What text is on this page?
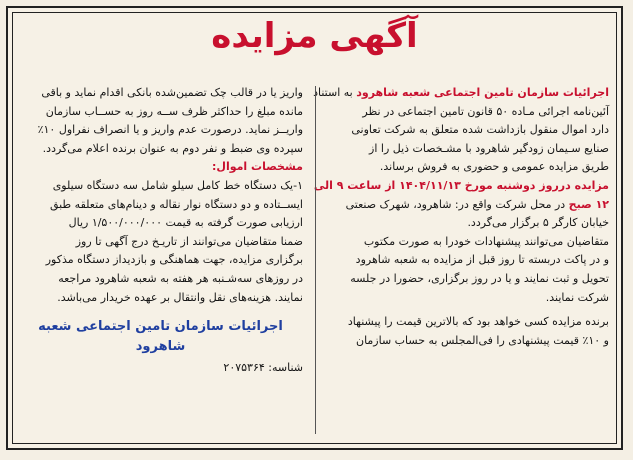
آگهی مزایده
اجرائیات سازمان تامین اجتماعی شعبه شاهرود به استناد
آئین‌نامه اجرائی مـاده ۵۰ قانون تامین اجتماعی در نظر
دارد اموال منقول بازداشت شده متعلق به شرکت تعاونی
صنایع سـیمان زودگیر شاهرود با مشـخصات ذیل را از
طریق مزایده عمومی و حضوری به فروش برساند.
مزایده درروز دوشنبه مورخ ۱۴۰۴/۱۱/۱۳ از ساعت ۹ الی
۱۲ صبح در محل شرکت واقع در: شاهرود، شهرک صنعتی
خیابان کارگر ۵ برگزار می‌گردد.
متقاضیان می‌توانند پیشنهادات خودرا به صورت مکتوب
و در پاکت دربسته تا روز قبل از مزایده به شعبه شاهرود
تحویل و ثبت نمایند و یا در روز برگزاری، حضورا در جلسه
شرکت نمایند.
برنده مزایده کسی خواهد بود که بالاترین قیمت را پیشنهاد
و ۱۰٪ قیمت پیشنهادی را فی‌المجلس به حساب سازمان
واریز یا در قالب چک تضمین‌شده بانکی اقدام نماید و باقی
مانده مبلغ را حداکثر ظرف ســه روز به حســاب سازمان
واریــز نماید. درصورت عدم واریز و یا انصراف نفراول ۱۰٪
سپرده وی ضبط و نفر دوم به عنوان برنده اعلام می‌گردد.
مشخصات اموال:
۱-یک دستگاه خط کامل سیلو شامل سه دستگاه سیلوی
ایســتاده و دو دستگاه نوار نقاله و دینام‌های متعلقه طبق
ارزیابی صورت گرفته به قیمت ۱/۵۰۰/۰۰۰/۰۰۰ ریال
ضمنا متقاضیان می‌توانند از تاریـخ درج آگهی تا روز
برگزاری مزایده، جهت هماهنگی و بازدیداز دستگاه مذکور
در روزهای سه‌شـنبه هر هفته به شعبه شاهرود مراجعه
نمایند. هزینه‌های نقل وانتقال بر عهده خریدار می‌باشد.
اجرائیات سازمان تامین اجتماعی شعبه شاهرود
شناسه: ۲۰۷۵۳۶۴
